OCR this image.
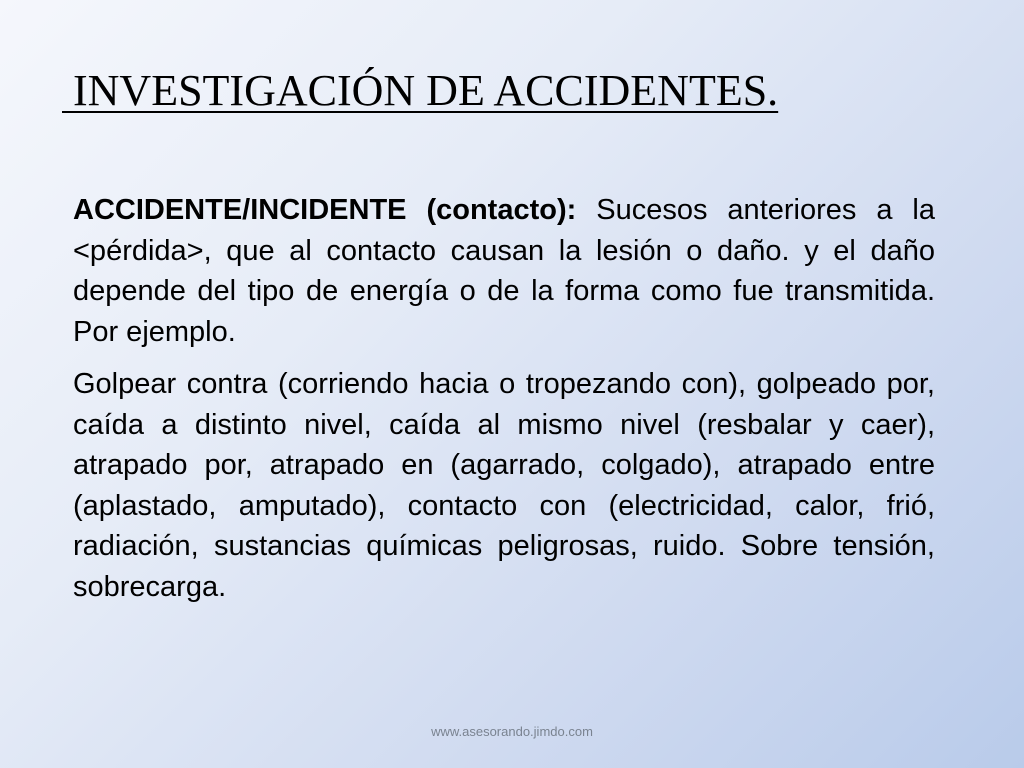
INVESTIGACIÓN DE ACCIDENTES.

ACCIDENTE/INCIDENTE (contacto): Sucesos anteriores a la <pérdida>, que al contacto causan la lesión o daño. y el daño depende del tipo de energía o de la forma como fue transmitida. Por ejemplo.

Golpear contra (corriendo hacia o tropezando con), golpeado por, caída a distinto nivel, caída al mismo nivel (resbalar y caer), atrapado por, atrapado en (agarrado, colgado), atrapado entre (aplastado, amputado), contacto con (electricidad, calor, frió, radiación, sustancias químicas peligrosas, ruido. Sobre tensión, sobrecarga.

www.asesorando.jimdo.com
